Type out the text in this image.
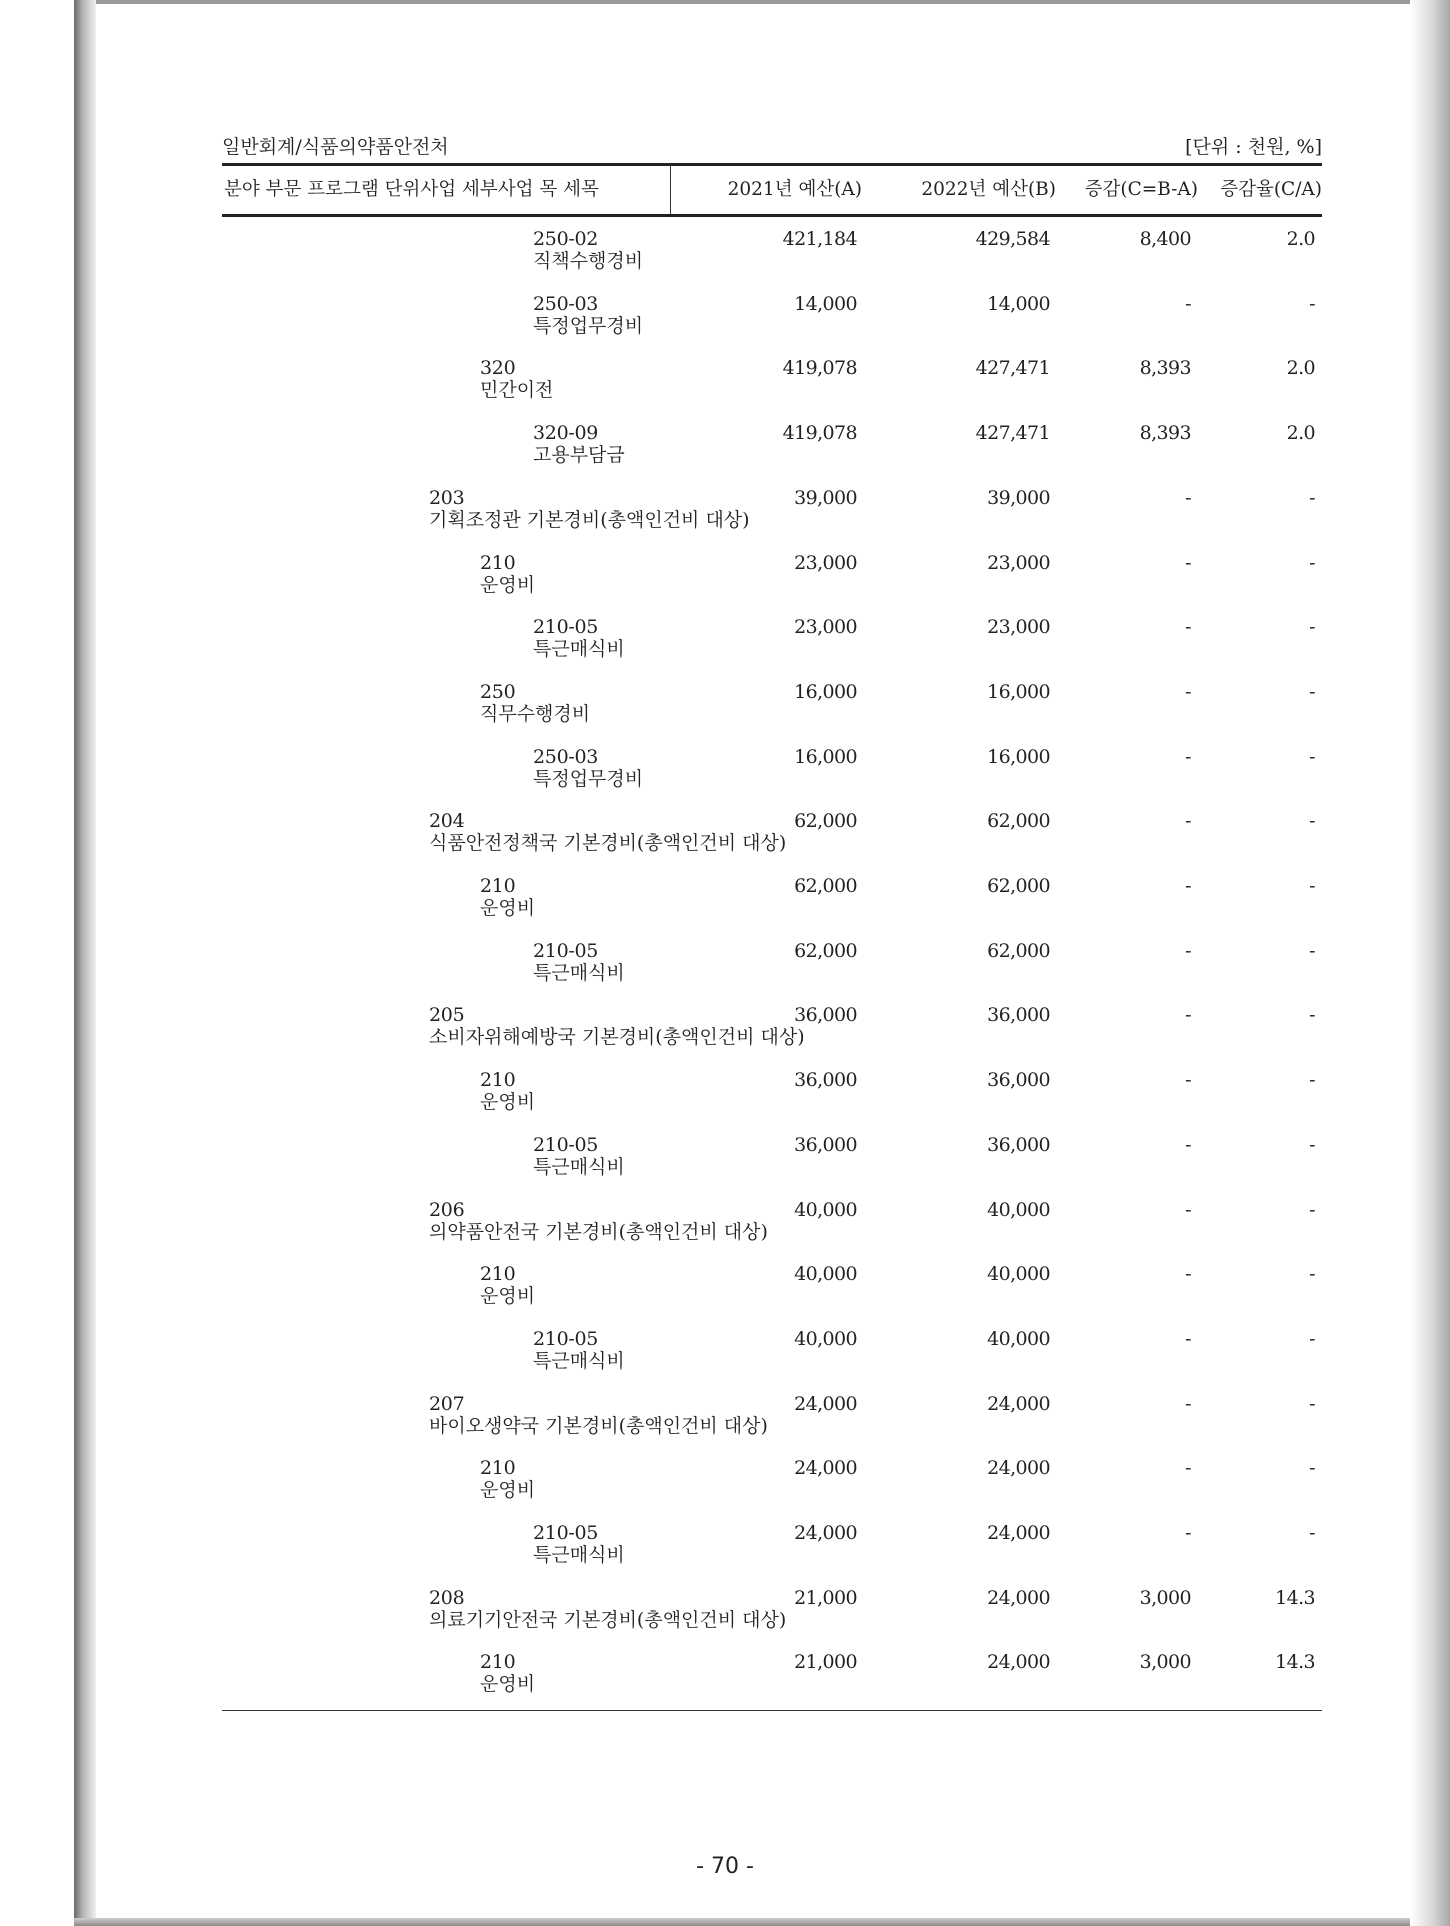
일반회계/식품의약품안전처	[단위 : 천원, %]
분야 부문 프로그램 단위사업 세부사업 목 세목	2021년 예산(A)	2022년 예산(B) 증감(C=B-A) 증감율(C/A)
250-02
직책수행경비
421,184	429,584	8,400	2.0
250-03
특정업무경비
14,000	14,000	-	-
320
민간이전
419,078	427,471	8,393	2.0
320-09
고용부담금
419,078	427,471	8,393	2.0
203
기획조정관 기본경비(총액인건비 대상)
39,000	39,000	-	-
210
운영비
23,000	23,000	-	-
210-05
특근매식비
23,000	23,000	-	-
250
직무수행경비
16,000	16,000	-	-
250-03
특정업무경비
16,000	16,000	-	-
204
식품안전정책국 기본경비(총액인건비 대상)
62,000	62,000	-	-
210
운영비
62,000	62,000	-	-
210-05
특근매식비
62,000	62,000	-	-
205
소비자위해예방국 기본경비(총액인건비 대상)
36,000	36,000	-	-
210
운영비
36,000	36,000	-	-
210-05
특근매식비
36,000	36,000	-	-
206
의약품안전국 기본경비(총액인건비 대상)
40,000	40,000	-	-
210
운영비
40,000	40,000	-	-
210-05
특근매식비
40,000	40,000	-	-
207
바이오생약국 기본경비(총액인건비 대상)
24,000	24,000	-	-
210
운영비
24,000	24,000	-	-
210-05
특근매식비
24,000	24,000	-	-
208
의료기기안전국 기본경비(총액인건비 대상)
21,000	24,000	3,000	14.3
210
운영비
21,000	24,000	3,000	14.3
- 70 -
